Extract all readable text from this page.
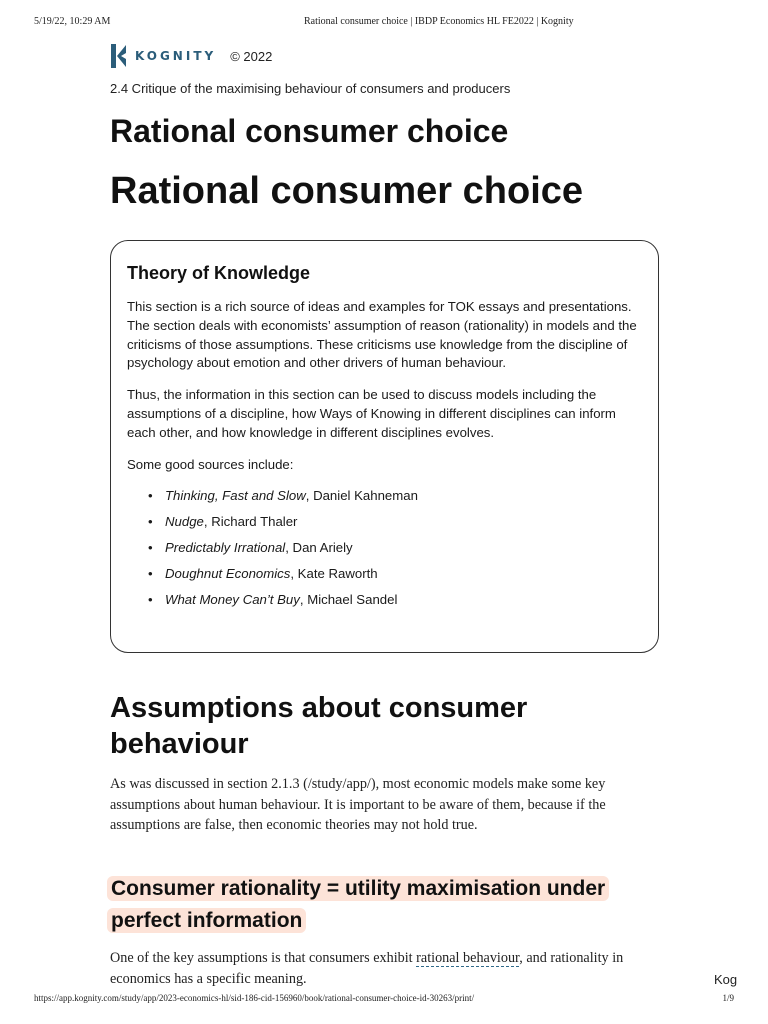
5/19/22, 10:29 AM	Rational consumer choice | IBDP Economics HL FE2022 | Kognity
KOGNITY © 2022
2.4 Critique of the maximising behaviour of consumers and producers
Rational consumer choice
Rational consumer choice
Theory of Knowledge

This section is a rich source of ideas and examples for TOK essays and presentations. The section deals with economists’ assumption of reason (rationality) in models and the criticisms of those assumptions. These criticisms use knowledge from the discipline of psychology about emotion and other drivers of human behaviour.

Thus, the information in this section can be used to discuss models including the assumptions of a discipline, how Ways of Knowing in different disciplines can inform each other, and how knowledge in different disciplines evolves.

Some good sources include:

• Thinking, Fast and Slow, Daniel Kahneman
• Nudge, Richard Thaler
• Predictably Irrational, Dan Ariely
• Doughnut Economics, Kate Raworth
• What Money Can’t Buy, Michael Sandel
Assumptions about consumer behaviour

As was discussed in section 2.1.3 (/study/app/), most economic models make some key assumptions about human behaviour. It is important to be aware of them, because if the assumptions are false, then economic theories may not hold true.

Consumer rationality = utility maximisation under perfect information

One of the key assumptions is that consumers exhibit rational behaviour, and rationality in economics has a specific meaning.	Kog
https://app.kognity.com/study/app/2023-economics-hl/sid-186-cid-156960/book/rational-consumer-choice-id-30263/print/	1/9
